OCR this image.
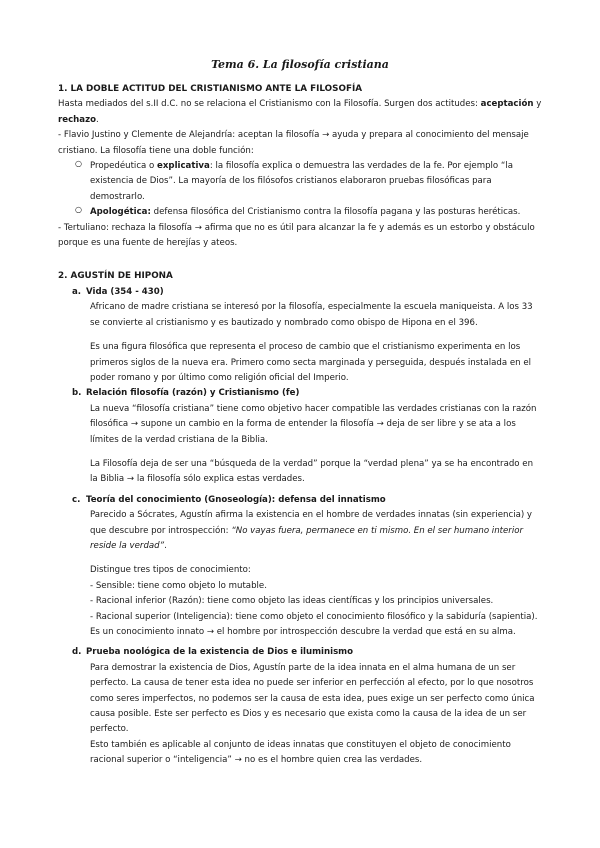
Tema 6. La filosofía cristiana

1. LA DOBLE ACTITUD DEL CRISTIANISMO ANTE LA FILOSOFÍA

Hasta mediados del s.II d.C. no se relaciona el Cristianismo con la Filosofía. Surgen dos actitudes: aceptación y

rechazo.

- Flavio Justino y Clemente de Alejandría: aceptan la filosofía → ayuda y prepara al conocimiento del mensaje

cristiano. La filosofía tiene una doble función:

○ Propedéutica o explicativa: la filosofía explica o demuestra las verdades de la fe. Por ejemplo “la

existencia de Dios”. La mayoría de los filósofos cristianos elaboraron pruebas filosóficas para

demostrarlo.

○ Apologética: defensa filosófica del Cristianismo contra la filosofía pagana y las posturas heréticas.

- Tertuliano: rechaza la filosofía → afirma que no es útil para alcanzar la fe y además es un estorbo y obstáculo

porque es una fuente de herejías y ateos.

2. AGUSTÍN DE HIPONA

a. Vida (354 - 430)

Africano de madre cristiana se interesó por la filosofía, especialmente la escuela maniqueista. A los 33

se convierte al cristianismo y es bautizado y nombrado como obispo de Hipona en el 396.

Es una figura filosófica que representa el proceso de cambio que el cristianismo experimenta en los

primeros siglos de la nueva era. Primero como secta marginada y perseguida, después instalada en el

poder romano y por último como religión oficial del Imperio.

b. Relación filosofía (razón) y Cristianismo (fe)

La nueva “filosofía cristiana” tiene como objetivo hacer compatible las verdades cristianas con la razón

filosófica → supone un cambio en la forma de entender la filosofía → deja de ser libre y se ata a los

límites de la verdad cristiana de la Biblia.

La Filosofía deja de ser una “búsqueda de la verdad” porque la “verdad plena” ya se ha encontrado en

la Biblia → la filosofía sólo explica estas verdades.

c. Teoría del conocimiento (Gnoseología): defensa del innatismo

Parecido a Sócrates, Agustín afirma la existencia en el hombre de verdades innatas (sin experiencia) y

que descubre por introspección: “No vayas fuera, permanece en ti mismo. En el ser humano interior

reside la verdad”.

Distingue tres tipos de conocimiento:

- Sensible: tiene como objeto lo mutable.

- Racional inferior (Razón): tiene como objeto las ideas científicas y los principios universales.

- Racional superior (Inteligencia): tiene como objeto el conocimiento filosófico y la sabiduría (sapientia).

Es un conocimiento innato → el hombre por introspección descubre la verdad que está en su alma.

d. Prueba noológica de la existencia de Dios e iluminismo

Para demostrar la existencia de Dios, Agustín parte de la idea innata en el alma humana de un ser

perfecto. La causa de tener esta idea no puede ser inferior en perfección al efecto, por lo que nosotros

como seres imperfectos, no podemos ser la causa de esta idea, pues exige un ser perfecto como única

causa posible. Este ser perfecto es Dios y es necesario que exista como la causa de la idea de un ser

perfecto.

Esto también es aplicable al conjunto de ideas innatas que constituyen el objeto de conocimiento

racional superior o “inteligencia” → no es el hombre quien crea las verdades.
